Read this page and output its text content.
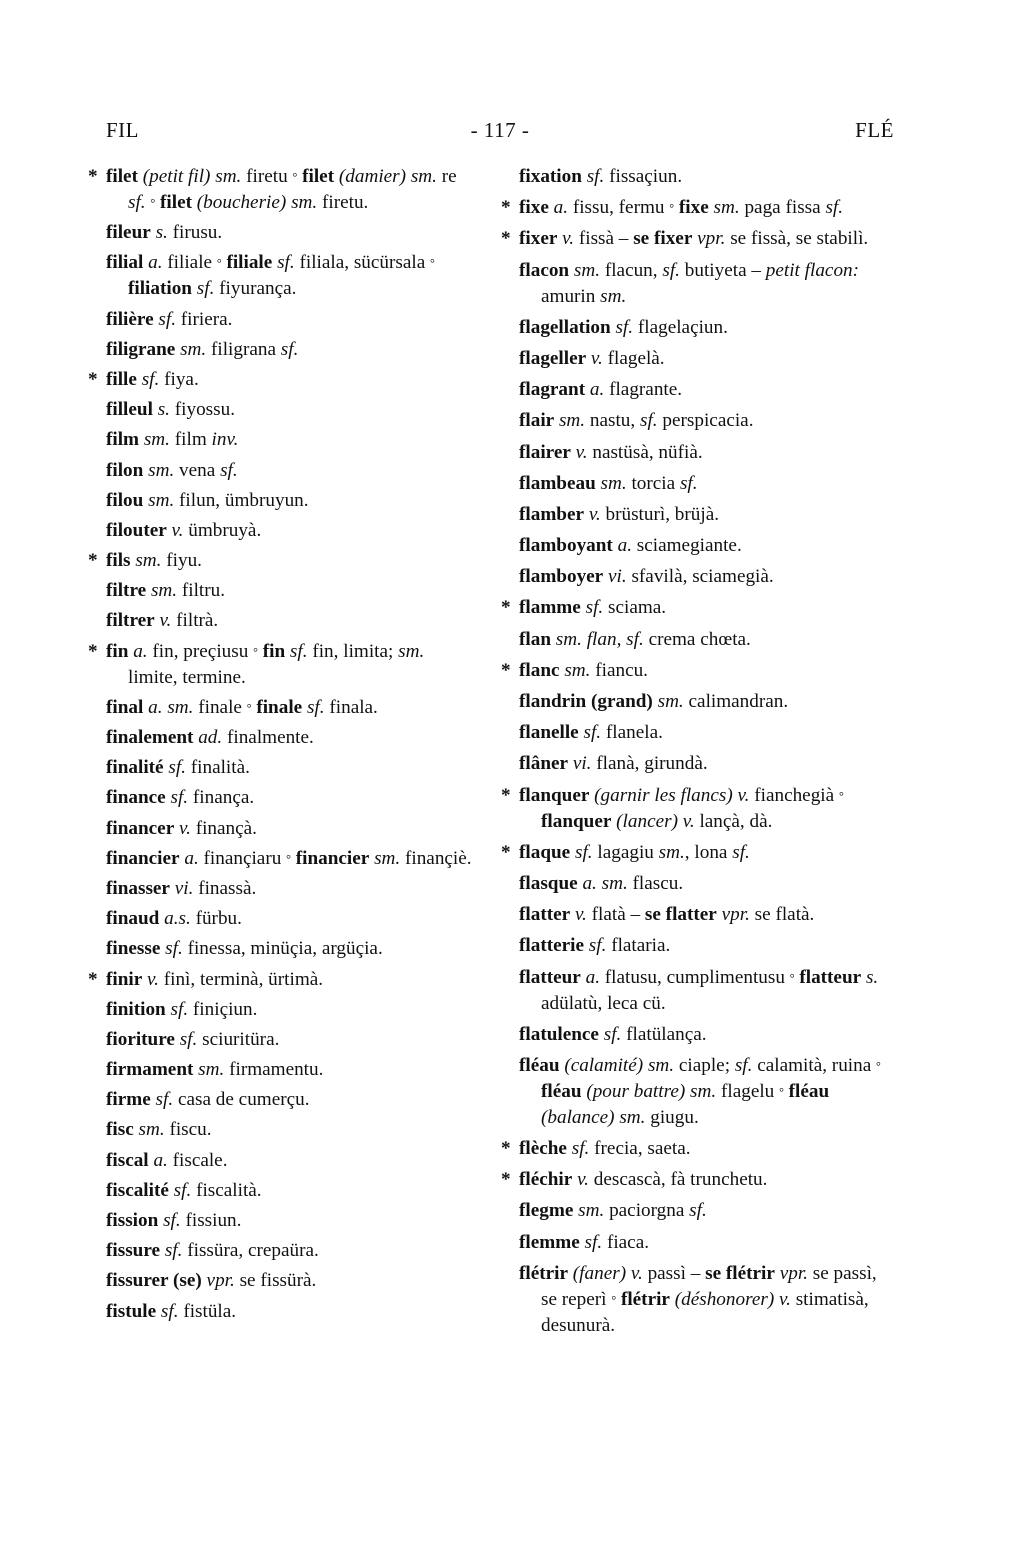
FIL	- 117 -	FLÉ
* filet (petit fil) sm. firetu ° filet (damier) sm. re sf. ° filet (boucherie) sm. firetu.
fileur s. firusu.
filial a. filiale ° filiale sf. filiala, sücürsala ° filiation sf. fiyurança.
filière sf. firiera.
filigrane sm. filigrana sf.
* fille sf. fiya.
filleul s. fiyossu.
film sm. film inv.
filon sm. vena sf.
filou sm. filun, ümbruyun.
filouter v. ümbruyà.
* fils sm. fiyu.
filtre sm. filtru.
filtrer v. filtrà.
* fin a. fin, preçiusu ° fin sf. fin, limita; sm. limite, termine.
final a. sm. finale ° finale sf. finala.
finalement ad. finalmente.
finalité sf. finalità.
finance sf. finança.
financer v. finançà.
financier a. finançiaru ° financier sm. finançiè.
finasser vi. finassà.
finaud a.s. fürbu.
finesse sf. finessa, minüçia, argüçia.
* finir v. finì, terminà, ürtimà.
finition sf. finiçiun.
fioriture sf. sciuritüra.
firmament sm. firmamentu.
firme sf. casa de cumerçu.
fisc sm. fiscu.
fiscal a. fiscale.
fiscalité sf. fiscalità.
fission sf. fissiun.
fissure sf. fissüra, crepaüra.
fissurer (se) vpr. se fissürà.
fistule sf. fistüla.
fixation sf. fissaçiun.
* fixe a. fissu, fermu ° fixe sm. paga fissa sf.
* fixer v. fissà – se fixer vpr. se fissà, se stabilì.
flacon sm. flacun, sf. butiyeta – petit flacon: amurin sm.
flagellation sf. flagelaçiun.
flageller v. flagelà.
flagrant a. flagrante.
flair sm. nastu, sf. perspicacia.
flairer v. nastüsà, nüfià.
flambeau sm. torcia sf.
flamber v. brüsturì, brüjà.
flamboyant a. sciamegiante.
flamboyer vi. sfavilà, sciamegià.
* flamme sf. sciama.
flan sm. flan, sf. crema chœta.
* flanc sm. fiancu.
flandrin (grand) sm. calimandran.
flanelle sf. flanela.
flâner vi. flanà, girundà.
* flanquer (garnir les flancs) v. fianchegià ° flanquer (lancer) v. lançà, dà.
* flaque sf. lagagiu sm., lona sf.
flasque a. sm. flascu.
flatter v. flatà – se flatter vpr. se flatà.
flatterie sf. flataria.
flatteur a. flatusu, cumplimentusu ° flatteur s. adülatù, leca cü.
flatulence sf. flatülança.
fléau (calamité) sm. ciaple; sf. calamità, ruina ° fléau (pour battre) sm. flagelu ° fléau (balance) sm. giugu.
* flèche sf. frecia, saeta.
* fléchir v. descascà, fà trunchetu.
flegme sm. paciorgna sf.
flemme sf. fiaca.
flétrir (faner) v. passì – se flétrir vpr. se passì, se reperì ° flétrir (déshonorer) v. stimatisà, desunurà.
